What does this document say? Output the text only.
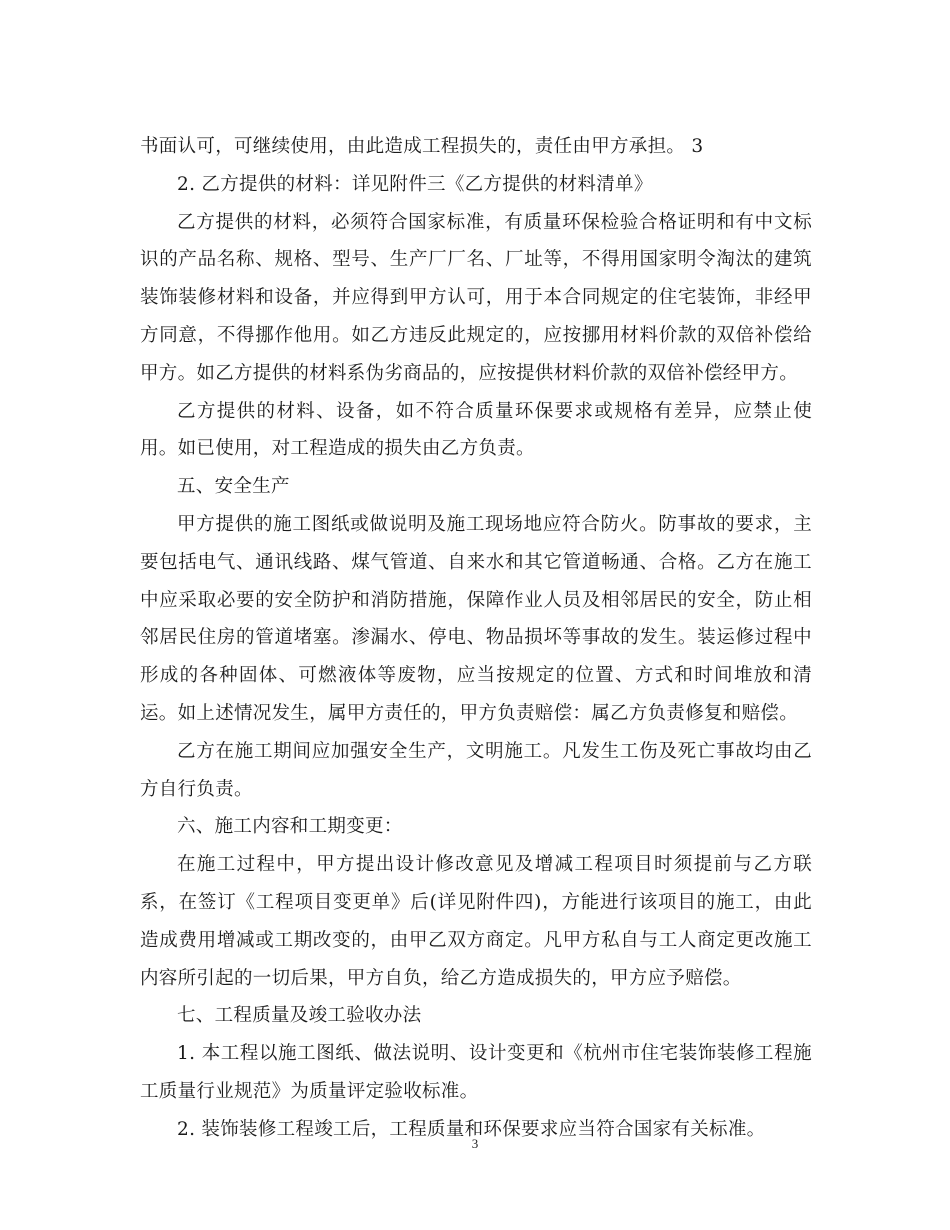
书面认可，可继续使用，由此造成工程损失的，责任由甲方承担。 3

2. 乙方提供的材料：详见附件三《乙方提供的材料清单》

乙方提供的材料，必须符合国家标准，有质量环保检验合格证明和有中文标识的产品名称、规格、型号、生产厂厂名、厂址等，不得用国家明令淘汰的建筑装饰装修材料和设备，并应得到甲方认可，用于本合同规定的住宅装饰，非经甲方同意，不得挪作他用。如乙方违反此规定的，应按挪用材料价款的双倍补偿给甲方。如乙方提供的材料系伪劣商品的，应按提供材料价款的双倍补偿经甲方。

乙方提供的材料、设备，如不符合质量环保要求或规格有差异，应禁止使用。如已使用，对工程造成的损失由乙方负责。

五、安全生产

甲方提供的施工图纸或做说明及施工现场地应符合防火。防事故的要求，主要包括电气、通讯线路、煤气管道、自来水和其它管道畅通、合格。乙方在施工中应采取必要的安全防护和消防措施，保障作业人员及相邻居民的安全，防止相邻居民住房的管道堵塞。渗漏水、停电、物品损坏等事故的发生。装运修过程中形成的各种固体、可燃液体等废物，应当按规定的位置、方式和时间堆放和清运。如上述情况发生，属甲方责任的，甲方负责赔偿：属乙方负责修复和赔偿。

乙方在施工期间应加强安全生产，文明施工。凡发生工伤及死亡事故均由乙方自行负责。

六、施工内容和工期变更：

在施工过程中，甲方提出设计修改意见及增减工程项目时须提前与乙方联系，在签订《工程项目变更单》后(详见附件四)，方能进行该项目的施工，由此造成费用增减或工期改变的，由甲乙双方商定。凡甲方私自与工人商定更改施工内容所引起的一切后果，甲方自负，给乙方造成损失的，甲方应予赔偿。

七、工程质量及竣工验收办法

1. 本工程以施工图纸、做法说明、设计变更和《杭州市住宅装饰装修工程施工质量行业规范》为质量评定验收标准。

2. 装饰装修工程竣工后，工程质量和环保要求应当符合国家有关标准。

3
